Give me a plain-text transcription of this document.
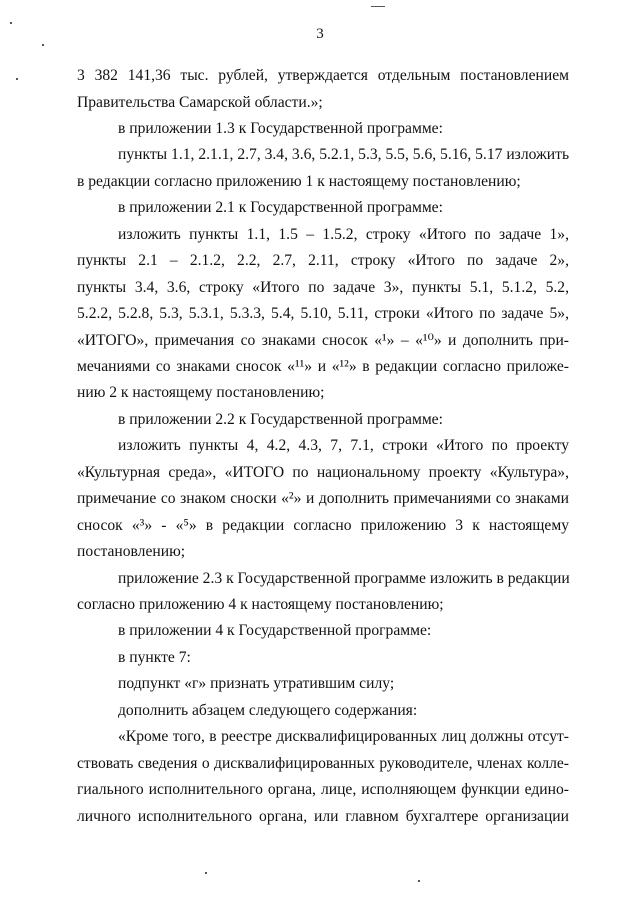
3
3 382 141,36 тыс. рублей, утверждается отдельным постановлением
Правительства Самарской области.»;
в приложении 1.3 к Государственной программе:
пункты 1.1, 2.1.1, 2.7, 3.4, 3.6, 5.2.1, 5.3, 5.5, 5.6, 5.16, 5.17 изложить
в редакции согласно приложению 1 к настоящему постановлению;
в приложении 2.1 к Государственной программе:
изложить пункты 1.1, 1.5 – 1.5.2, строку «Итого по задаче 1»,
пункты 2.1 – 2.1.2, 2.2, 2.7, 2.11, строку «Итого по задаче 2»,
пункты 3.4, 3.6, строку «Итого по задаче 3», пункты 5.1, 5.1.2, 5.2,
5.2.2, 5.2.8, 5.3, 5.3.1, 5.3.3, 5.4, 5.10, 5.11, строки «Итого по задаче 5»,
«ИТОГО», примечания со знаками сносок «¹» – «¹⁰» и дополнить при-
мечаниями со знаками сносок «¹¹» и «¹²» в редакции согласно приложе-
нию 2 к настоящему постановлению;
в приложении 2.2 к Государственной программе:
изложить пункты 4, 4.2, 4.3, 7, 7.1, строки «Итого по проекту
«Культурная среда», «ИТОГО по национальному проекту «Культура»,
примечание со знаком сноски «²» и дополнить примечаниями со знаками
сносок «³» - «⁵» в редакции согласно приложению 3 к настоящему
постановлению;
приложение 2.3 к Государственной программе изложить в редакции
согласно приложению 4 к настоящему постановлению;
в приложении 4 к Государственной программе:
в пункте 7:
подпункт «г» признать утратившим силу;
дополнить абзацем следующего содержания:
«Кроме того, в реестре дисквалифицированных лиц должны отсут-
ствовать сведения о дисквалифицированных руководителе, членах колле-
гиального исполнительного органа, лице, исполняющем функции едино-
личного исполнительного органа, или главном бухгалтере организации
